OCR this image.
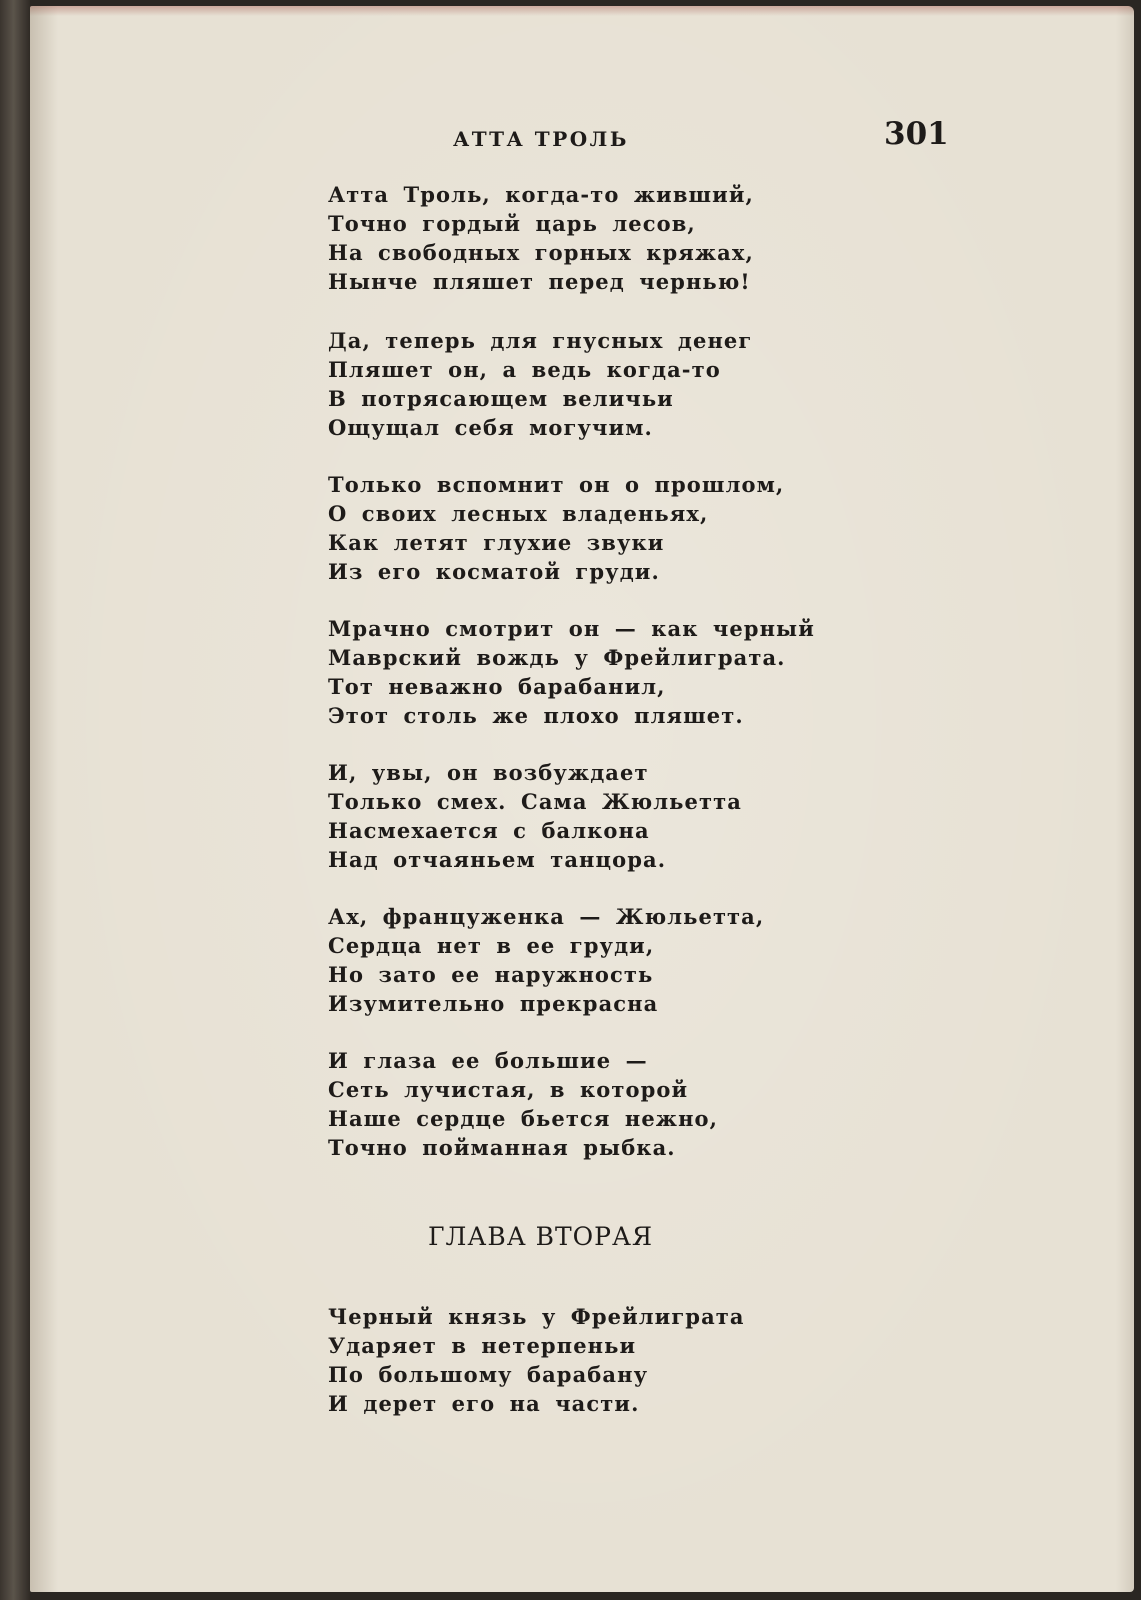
АТТА ТРОЛЬ	301
Атта Троль, когда-то живший,
Точно гордый царь лесов,
На свободных горных кряжах,
Нынче пляшет перед чернью!
Да, теперь для гнусных денег
Пляшет он, а ведь когда-то
В потрясающем величьи
Ощущал себя могучим.
Только вспомнит он о прошлом,
О своих лесных владеньях,
Как летят глухие звуки
Из его косматой груди.
Мрачно смотрит он — как черный
Маврский вождь у Фрейлиграта.
Тот неважно барабанил,
Этот столь же плохо пляшет.
И, увы, он возбуждает
Только смех. Сама Жюльетта
Насмехается с балкона
Над отчаяньем танцора.
Ах, француженка — Жюльетта,
Сердца нет в ее груди,
Но зато ее наружность
Изумительно прекрасна
И глаза ее большие —
Сеть лучистая, в которой
Наше сердце бьется нежно,
Точно пойманная рыбка.
ГЛАВА ВТОРАЯ
Черный князь у Фрейлиграта
Ударяет в нетерпеньи
По большому барабану
И дерет его на части.
